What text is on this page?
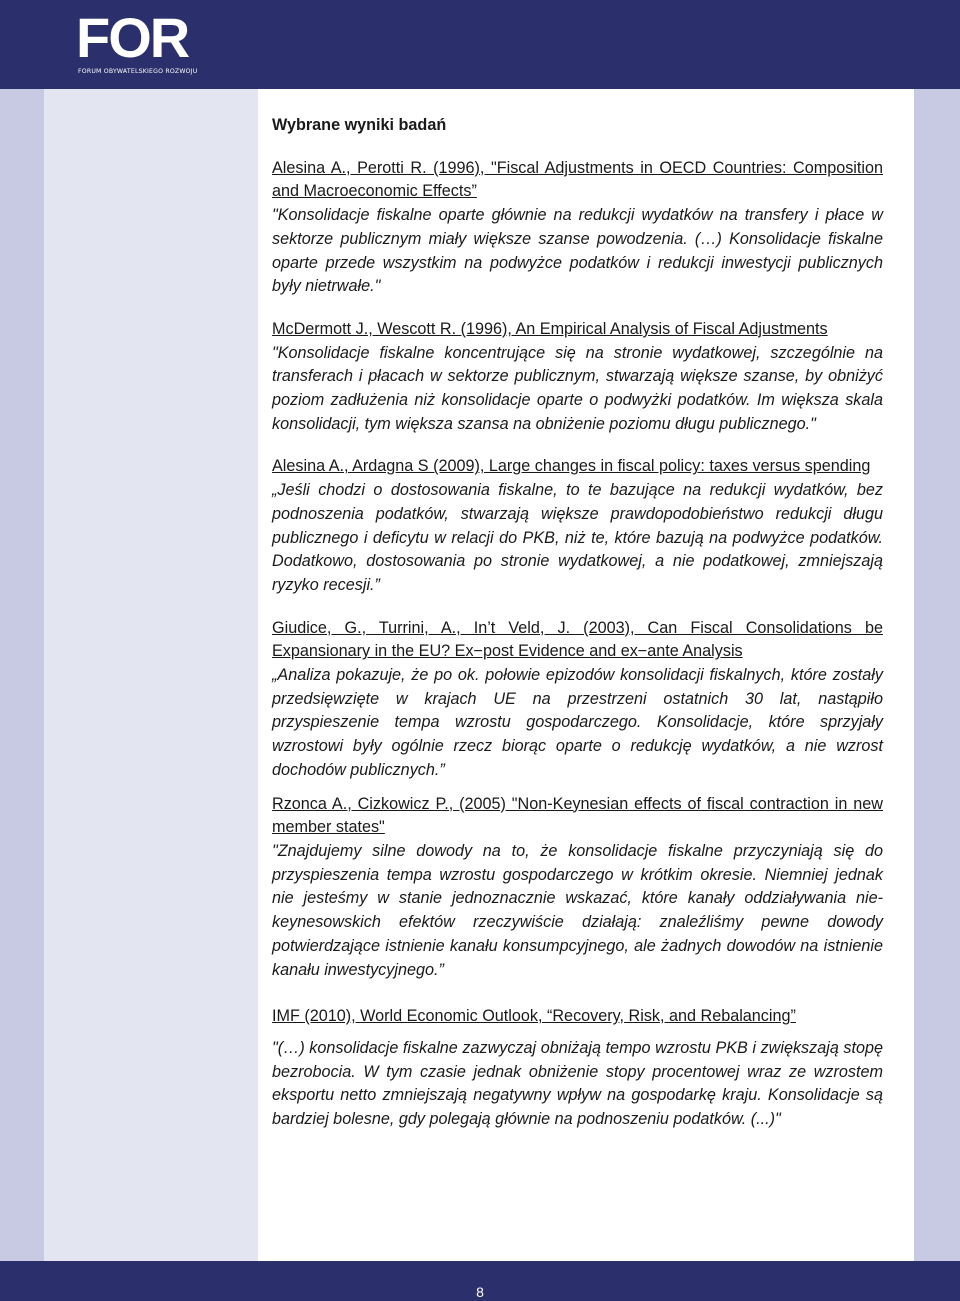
FOR
FORUM OBYWATELSKIEGO ROZWOJU
Wybrane wyniki badań
Alesina A., Perotti R. (1996), "Fiscal Adjustments in OECD Countries: Composition and Macroeconomic Effects”
"Konsolidacje fiskalne oparte głównie na redukcji wydatków na transfery i płace w sektorze publicznym miały większe szanse powodzenia. (…) Konsolidacje fiskalne oparte przede wszystkim na podwyżce podatków i redukcji inwestycji publicznych były nietrwałe."
McDermott J., Wescott R. (1996), An Empirical Analysis of Fiscal Adjustments
"Konsolidacje fiskalne koncentrujące się na stronie wydatkowej, szczególnie na transferach i płacach w sektorze publicznym, stwarzają większe szanse, by obniżyć poziom zadłużenia niż konsolidacje oparte o podwyżki podatków. Im większa skala konsolidacji, tym większa szansa na obniżenie poziomu długu publicznego."
Alesina A., Ardagna S (2009), Large changes in fiscal policy: taxes versus spending
„Jeśli chodzi o dostosowania fiskalne, to te bazujące na redukcji wydatków, bez podnoszenia podatków, stwarzają większe prawdopodobieństwo redukcji długu publicznego i deficytu w relacji do PKB, niż te, które bazują na podwyżce podatków. Dodatkowo, dostosowania po stronie wydatkowej, a nie podatkowej, zmniejszają ryzyko recesji.”
Giudice, G., Turrini, A., In’t Veld, J. (2003), Can Fiscal Consolidations be Expansionary in the EU? Ex−post Evidence and ex−ante Analysis
„Analiza pokazuje, że po ok. połowie epizodów konsolidacji fiskalnych, które zostały przedsięwzięte w krajach UE na przestrzeni ostatnich 30 lat, nastąpiło przyspieszenie tempa wzrostu gospodarczego. Konsolidacje, które sprzyjały wzrostowi były ogólnie rzecz biorąc oparte o redukcję wydatków, a nie wzrost dochodów publicznych.”
Rzonca A., Cizkowicz P., (2005) "Non-Keynesian effects of fiscal contraction in new member states"
"Znajdujemy silne dowody na to, że konsolidacje fiskalne przyczyniają się do przyspieszenia tempa wzrostu gospodarczego w krótkim okresie. Niemniej jednak nie jesteśmy w stanie jednoznacznie wskazać, które kanały oddziaływania nie-keynesowskich efektów rzeczywiście działają: znaleźliśmy pewne dowody potwierdzające istnienie kanału konsumpcyjnego, ale żadnych dowodów na istnienie kanału inwestycyjnego.”
IMF (2010), World Economic Outlook, “Recovery, Risk, and Rebalancing”
"(…) konsolidacje fiskalne zazwyczaj obniżają tempo wzrostu PKB i zwiększają stopę bezrobocia. W tym czasie jednak obniżenie stopy procentowej wraz ze wzrostem eksportu netto zmniejszają negatywny wpływ na gospodarkę kraju. Konsolidacje są bardziej bolesne, gdy polegają głównie na podnoszeniu podatków. (...)"
8
